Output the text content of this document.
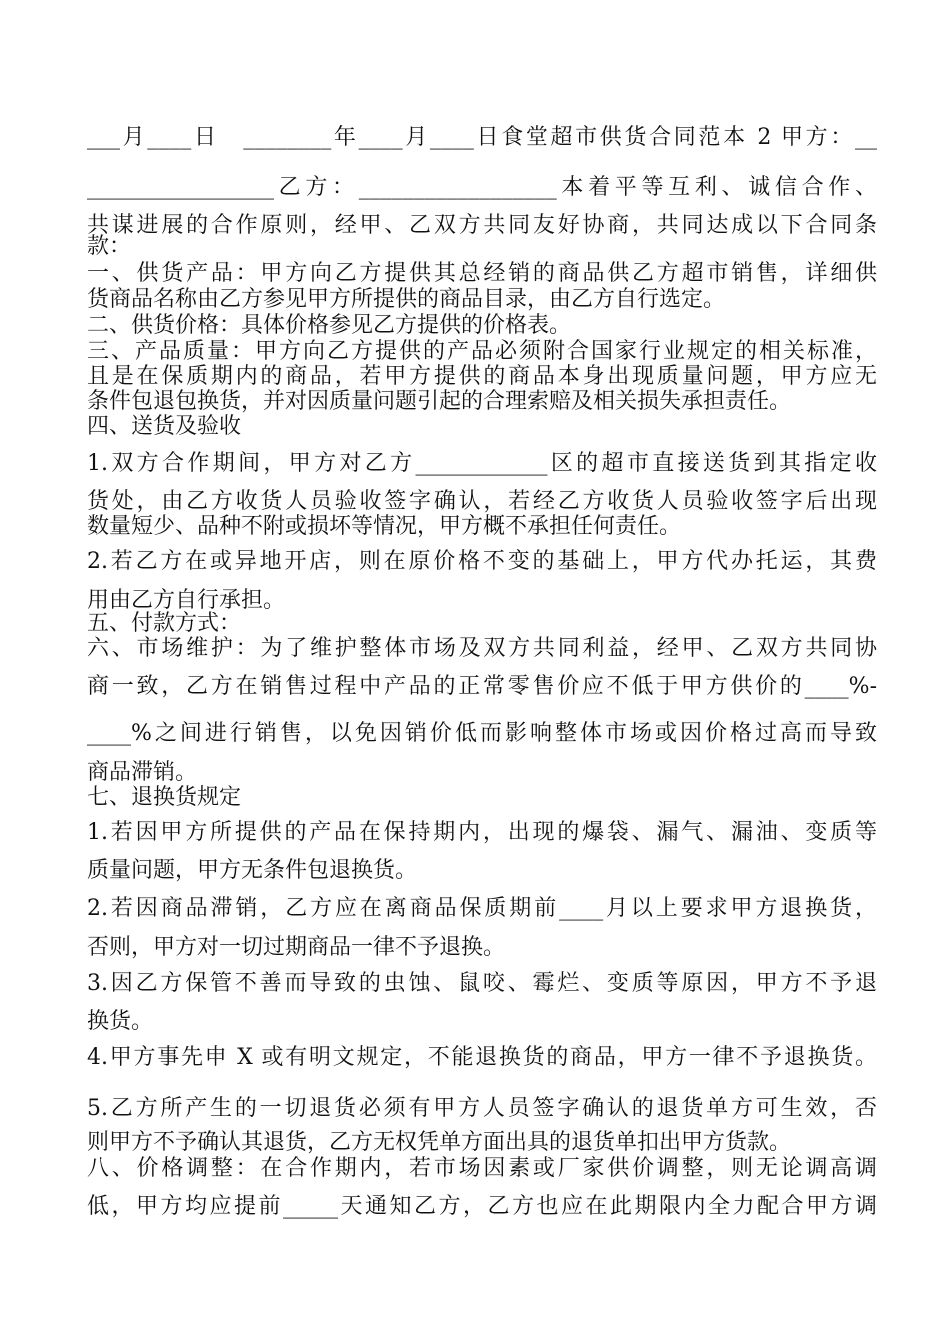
___月____日　________年____月____日食堂超市供货合同范本 2 甲方：__
_________________乙方：__________________本着平等互利、诚信合作、
共谋进展的合作原则，经甲、乙双方共同友好协商，共同达成以下合同条
款：
一、供货产品：甲方向乙方提供其总经销的商品供乙方超市销售，详细供
货商品名称由乙方参见甲方所提供的商品目录，由乙方自行选定。
二、供货价格：具体价格参见乙方提供的价格表。
三、产品质量：甲方向乙方提供的产品必须附合国家行业规定的相关标准，
且是在保质期内的商品，若甲方提供的商品本身出现质量问题，甲方应无
条件包退包换货，并对因质量问题引起的合理索赔及相关损失承担责任。
四、送货及验收
1.双方合作期间，甲方对乙方____________区的超市直接送货到其指定收
货处，由乙方收货人员验收签字确认，若经乙方收货人员验收签字后出现
数量短少、品种不附或损坏等情况，甲方概不承担任何责任。
2.若乙方在或异地开店，则在原价格不变的基础上，甲方代办托运，其费
用由乙方自行承担。
五、付款方式：
六、市场维护：为了维护整体市场及双方共同利益，经甲、乙双方共同协
商一致，乙方在销售过程中产品的正常零售价应不低于甲方供价的____%-
____%之间进行销售，以免因销价低而影响整体市场或因价格过高而导致
商品滞销。
七、退换货规定
1.若因甲方所提供的产品在保持期内，出现的爆袋、漏气、漏油、变质等
质量问题，甲方无条件包退换货。
2.若因商品滞销，乙方应在离商品保质期前____月以上要求甲方退换货，
否则，甲方对一切过期商品一律不予退换。
3.因乙方保管不善而导致的虫蚀、鼠咬、霉烂、变质等原因，甲方不予退
换货。
4.甲方事先申 X 或有明文规定，不能退换货的商品，甲方一律不予退换货。
5.乙方所产生的一切退货必须有甲方人员签字确认的退货单方可生效，否
则甲方不予确认其退货，乙方无权凭单方面出具的退货单扣出甲方货款。
八、价格调整：在合作期内，若市场因素或厂家供价调整，则无论调高调
低，甲方均应提前_____天通知乙方，乙方也应在此期限内全力配合甲方调
